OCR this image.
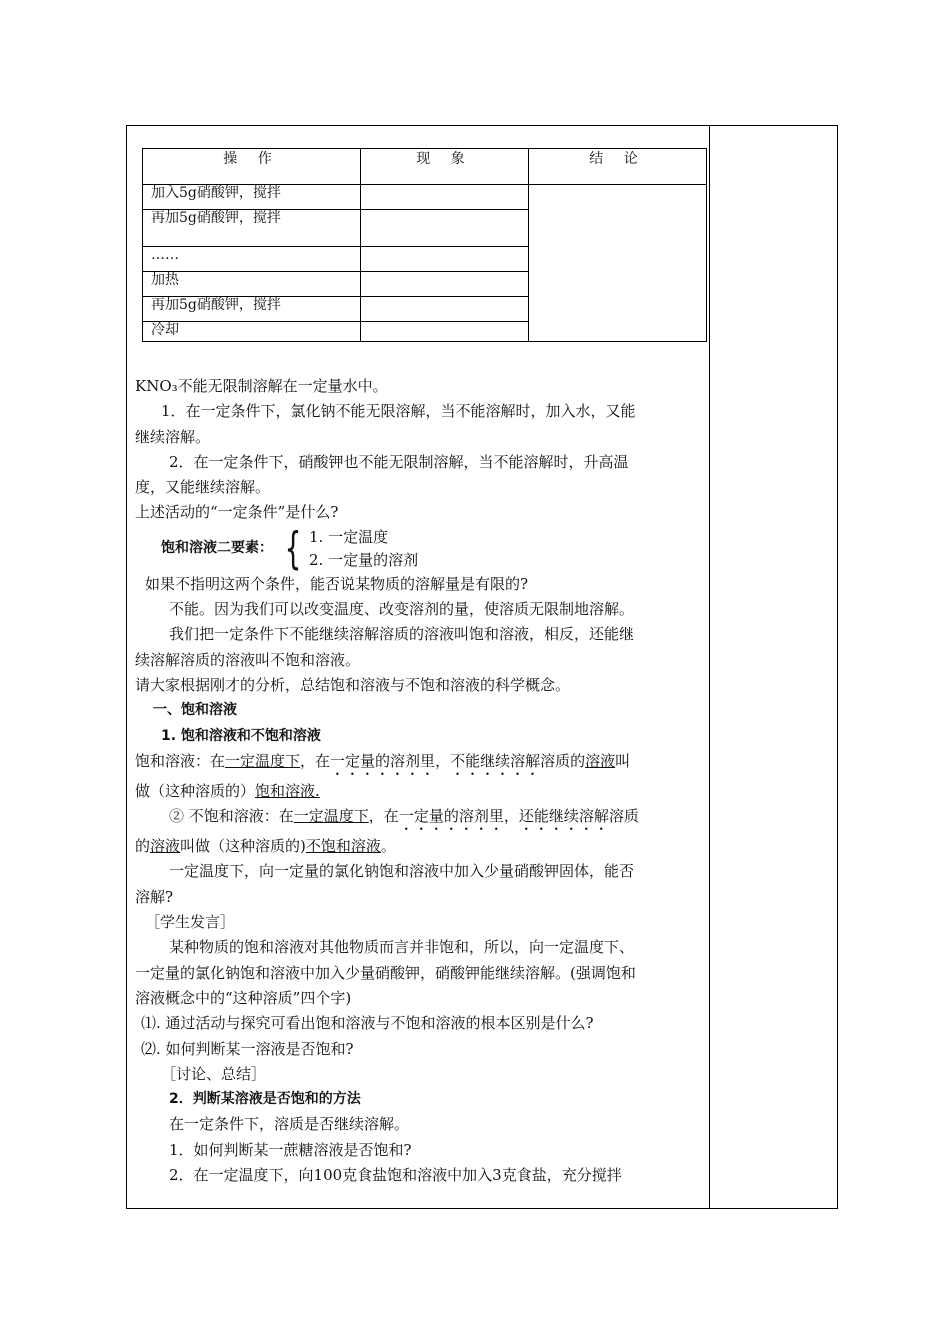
操 作	现 象	结 论
加入5g硝酸钾，搅拌		
再加5g硝酸钾，搅拌		
……		
加热		
再加5g硝酸钾，搅拌		
冷却		

KNO₃不能无限制溶解在一定量水中。

1．在一定条件下，氯化钠不能无限溶解，当不能溶解时，加入水，又能

继续溶解。

2．在一定条件下，硝酸钾也不能无限制溶解，当不能溶解时，升高温

度，又能继续溶解。

上述活动的“一定条件”是什么?

饱和溶液二要素： { 1. 一定温度

2. 一定量的溶剂

如果不指明这两个条件，能否说某物质的溶解量是有限的?

不能。因为我们可以改变温度、改变溶剂的量，使溶质无限制地溶解。

我们把一定条件下不能继续溶解溶质的溶液叫饱和溶液，相反，还能继

续溶解溶质的溶液叫不饱和溶液。

请大家根据刚才的分析，总结饱和溶液与不饱和溶液的科学概念。

一、饱和溶液

1. 饱和溶液和不饱和溶液

饱和溶液：在一定温度下，在一定量的溶剂里，不能继续溶解溶质的溶液叫

做（这种溶质的）饱和溶液.

② 不饱和溶液：在一定温度下，在一定量的溶剂里，还能继续溶解溶质

的溶液叫做（这种溶质的)不饱和溶液。

一定温度下，向一定量的氯化钠饱和溶液中加入少量硝酸钾固体，能否

溶解?

［学生发言］

某种物质的饱和溶液对其他物质而言并非饱和，所以，向一定温度下、

一定量的氯化钠饱和溶液中加入少量硝酸钾，硝酸钾能继续溶解。(强调饱和

溶液概念中的“这种溶质”四个字)

⑴. 通过活动与探究可看出饱和溶液与不饱和溶液的根本区别是什么?

⑵. 如何判断某一溶液是否饱和?

［讨论、总结］

2．判断某溶液是否饱和的方法

在一定条件下，溶质是否继续溶解。

1．如何判断某一蔗糖溶液是否饱和?

2．在一定温度下，向100克食盐饱和溶液中加入3克食盐，充分搅拌
